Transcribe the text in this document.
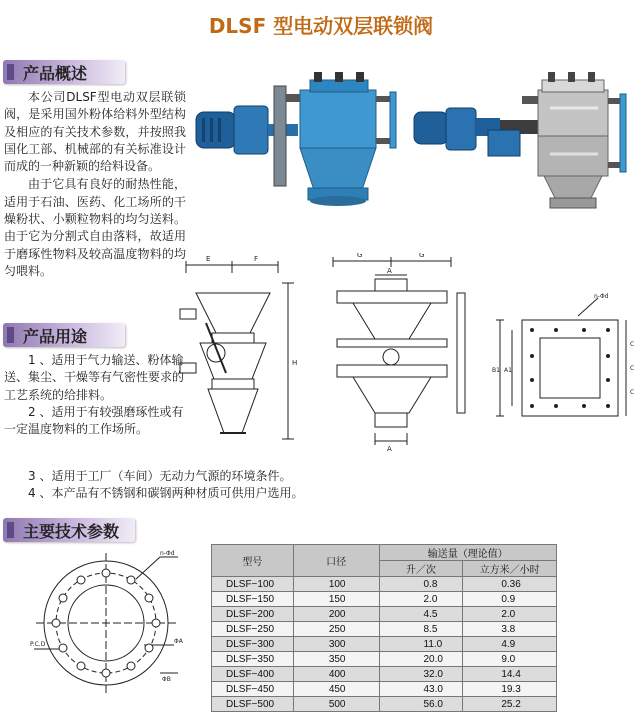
DLSF 型电动双层联锁阀
产品概述

本公司DLSF型电动双层联锁阀，是采用国外粉体给料外型结构及相应的有关技术参数，并按照我国化工部、机械部的有关标准设计而成的一种新颖的给料设备。

由于它具有良好的耐热性能，适用于石油、医药、化工场所的干燥粉状、小颗粒物料的均匀送料。由于它为分割式自由落料，故适用于磨琢性物料及较高温度物料的均匀喂料。

产品用途

1 、适用于气力输送、粉体输送、集尘、干燥等有气密性要求的工艺系统的给排料。

2 、适用于有较强磨琢性或有一定温度物料的工作场所。

3 、适用于工厂（车间）无动力气源的环境条件。

4 、本产品有不锈钢和碳钢两种材质可供用户选用。

主要技术参数
E	F
H
G	G
A
A
n-Φd
B1 A1
C
C
C
n-Φd
P.C.D	ΦA
ΦB
型号	口径	输送量（理论值）	
		升／次	立方米／小时
DLSF−100	100	0.8	0.36
DLSF−150	150	2.0	0.9
DLSF−200	200	4.5	2.0
DLSF−250	250	8.5	3.8
DLSF−300	300	11.0	4.9
DLSF−350	350	20.0	9.0
DLSF−400	400	32.0	14.4
DLSF−450	450	43.0	19.3
DLSF−500	500	56.0	25.2
